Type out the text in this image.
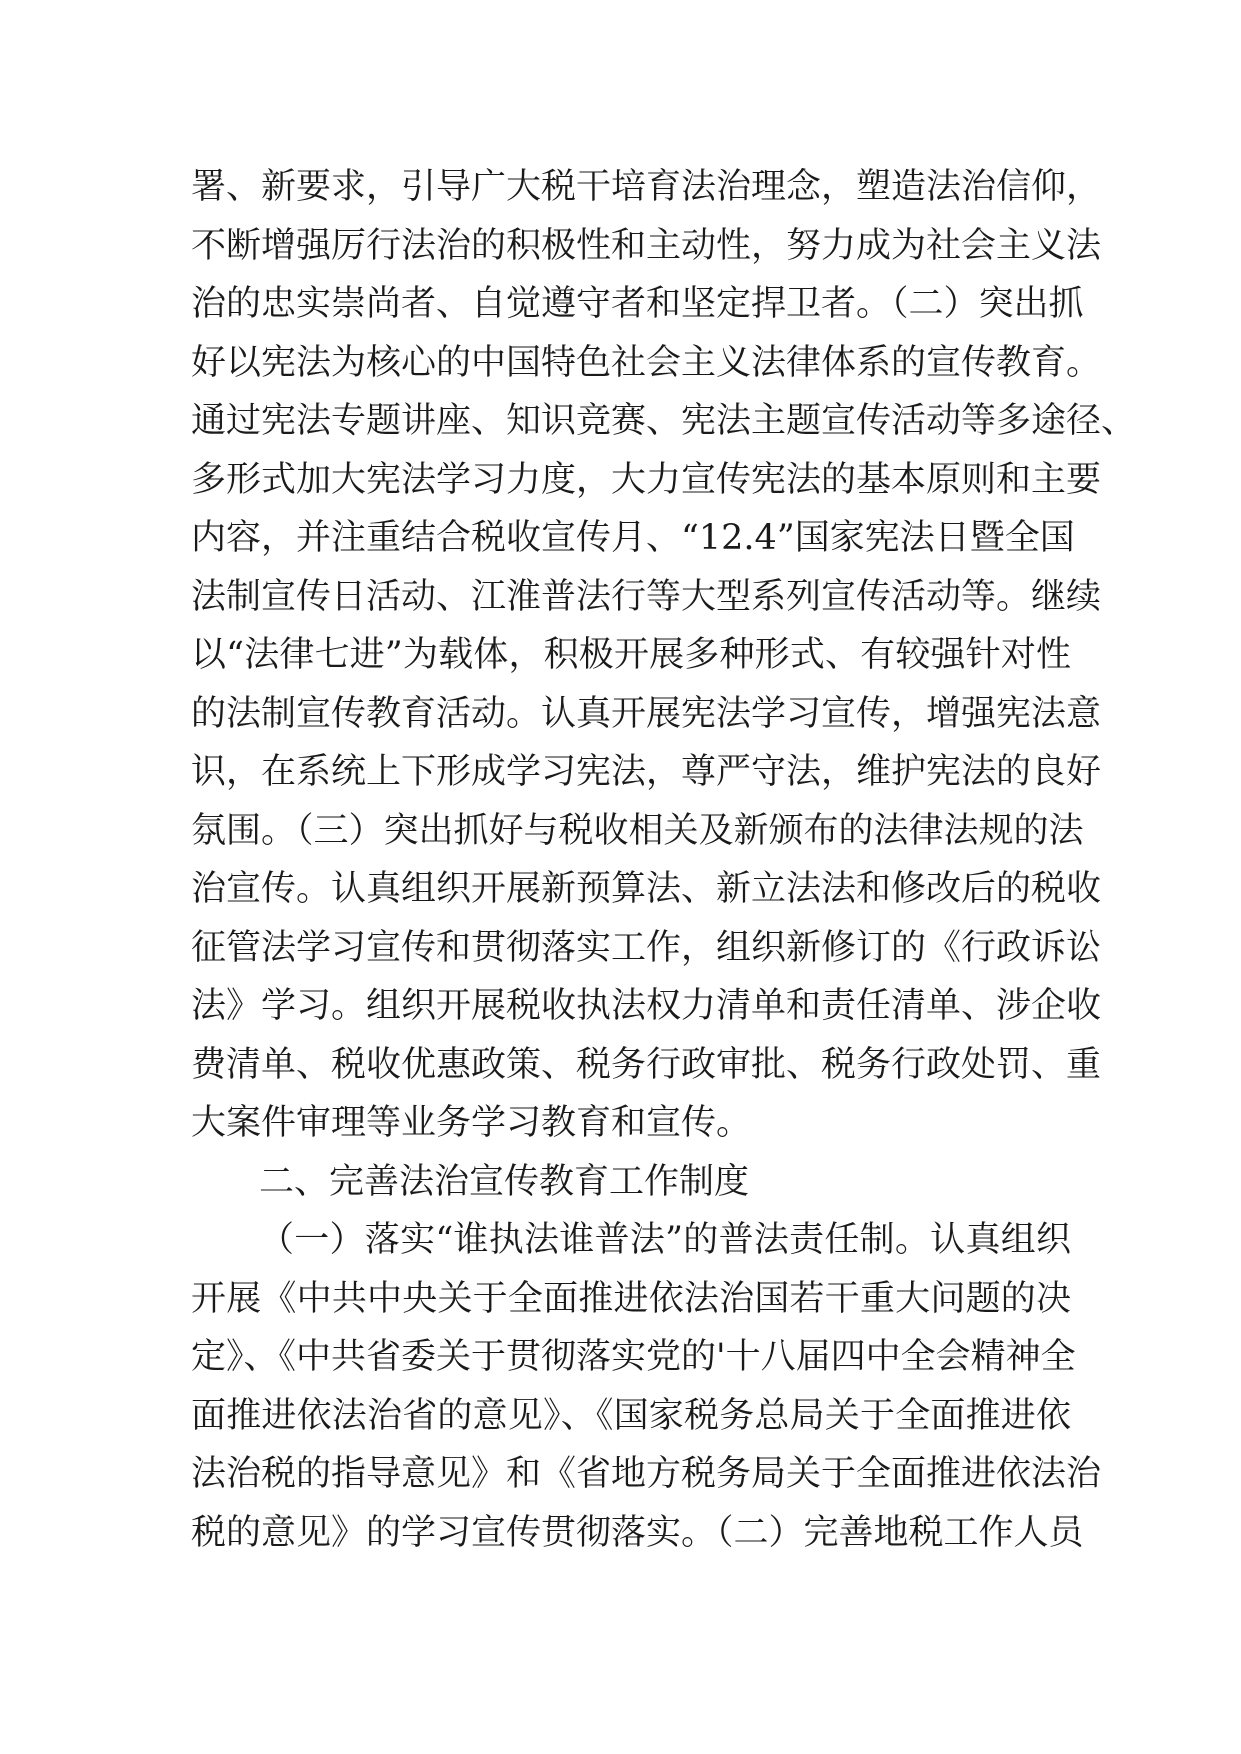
署、新要求，引导广大税干培育法治理念，塑造法治信仰，
不断增强厉行法治的积极性和主动性，努力成为社会主义法
治的忠实崇尚者、自觉遵守者和坚定捍卫者。（二）突出抓
好以宪法为核心的中国特色社会主义法律体系的宣传教育。
通过宪法专题讲座、知识竞赛、宪法主题宣传活动等多途径、
多形式加大宪法学习力度，大力宣传宪法的基本原则和主要
内容，并注重结合税收宣传月、“12.4”国家宪法日暨全国
法制宣传日活动、江淮普法行等大型系列宣传活动等。继续
以“法律七进”为载体，积极开展多种形式、有较强针对性
的法制宣传教育活动。认真开展宪法学习宣传，增强宪法意
识，在系统上下形成学习宪法，尊严守法，维护宪法的良好
氛围。（三）突出抓好与税收相关及新颁布的法律法规的法
治宣传。认真组织开展新预算法、新立法法和修改后的税收
征管法学习宣传和贯彻落实工作，组织新修订的《行政诉讼
法》学习。组织开展税收执法权力清单和责任清单、涉企收
费清单、税收优惠政策、税务行政审批、税务行政处罚、重
大案件审理等业务学习教育和宣传。
二、完善法治宣传教育工作制度
（一）落实“谁执法谁普法”的普法责任制。认真组织
开展《中共中央关于全面推进依法治国若干重大问题的决
定》、《中共省委关于贯彻落实党的'十八届四中全会精神全
面推进依法治省的意见》、《国家税务总局关于全面推进依
法治税的指导意见》和《省地方税务局关于全面推进依法治
税的意见》的学习宣传贯彻落实。（二）完善地税工作人员
